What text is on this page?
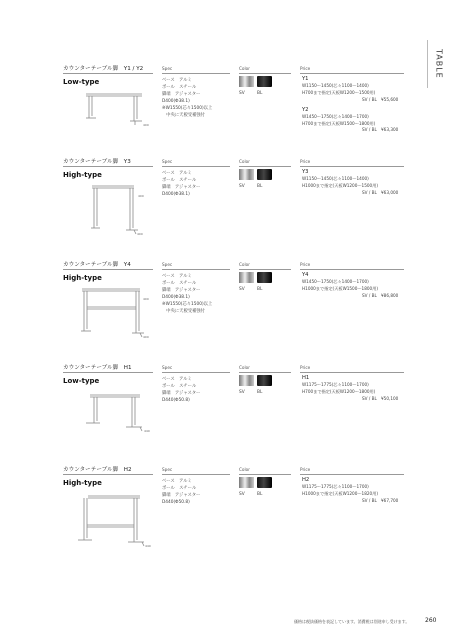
TABLE
カウンターテーブル脚　Y1 / Y2
Low-type
Spec	Color	Price
ベース　アルミ
ポール　スチール
脚端　アジャスター
D400(Φ38.1)
※W1550(芯々1500)以上
　中央に天板受補強付
SV	BL
Y1
W1150〜1450(芯々1100〜1400)
H700まで指定(天板W1200〜1500用)
SV / BL　¥55,600
Y2
W1450〜1750(芯々1400〜1700)
H700まで指定(天板W1500〜1800用)
SV / BL　¥63,300
400
カウンターテーブル脚　Y3
High-type
Spec	Color	Price
ベース　アルミ
ポール　スチール
脚端　アジャスター
D400(Φ38.1)
SV	BL
Y3
W1150〜1450(芯々1100〜1400)
H1000まで指定(天板W1200〜1500用)
SV / BL　¥63,000
400
400
カウンターテーブル脚　Y4
High-type
Spec	Color	Price
ベース　アルミ
ポール　スチール
脚端　アジャスター
D400(Φ38.1)
※W1550(芯々1500)以上
　中央に天板受補強付
SV	BL
Y4
W1450〜1750(芯々1400〜1700)
H1000まで指定(天板W1500〜1800用)
SV / BL　¥86,800
400
400
カウンターテーブル脚　H1
Low-type
Spec	Color	Price
ベース　アルミ
ポール　スチール
脚端　アジャスター
D440(Φ50.8)
SV	BL
H1
W1175〜1775(芯々1100〜1700)
H700まで指定(天板W1200〜1800用)
SV / BL　¥50,100
440
カウンターテーブル脚　H2
High-type
Spec	Color	Price
ベース　アルミ
ポール　スチール
脚端　アジャスター
D440(Φ50.8)
SV	BL
H2
W1175〜1775(芯々1100〜1700)
H1000まで指定(天板W1200〜1820用)
SV / BL　¥67,700
440
価格は税抜価格を表記しています。消費税は別途申し受けます。	260
